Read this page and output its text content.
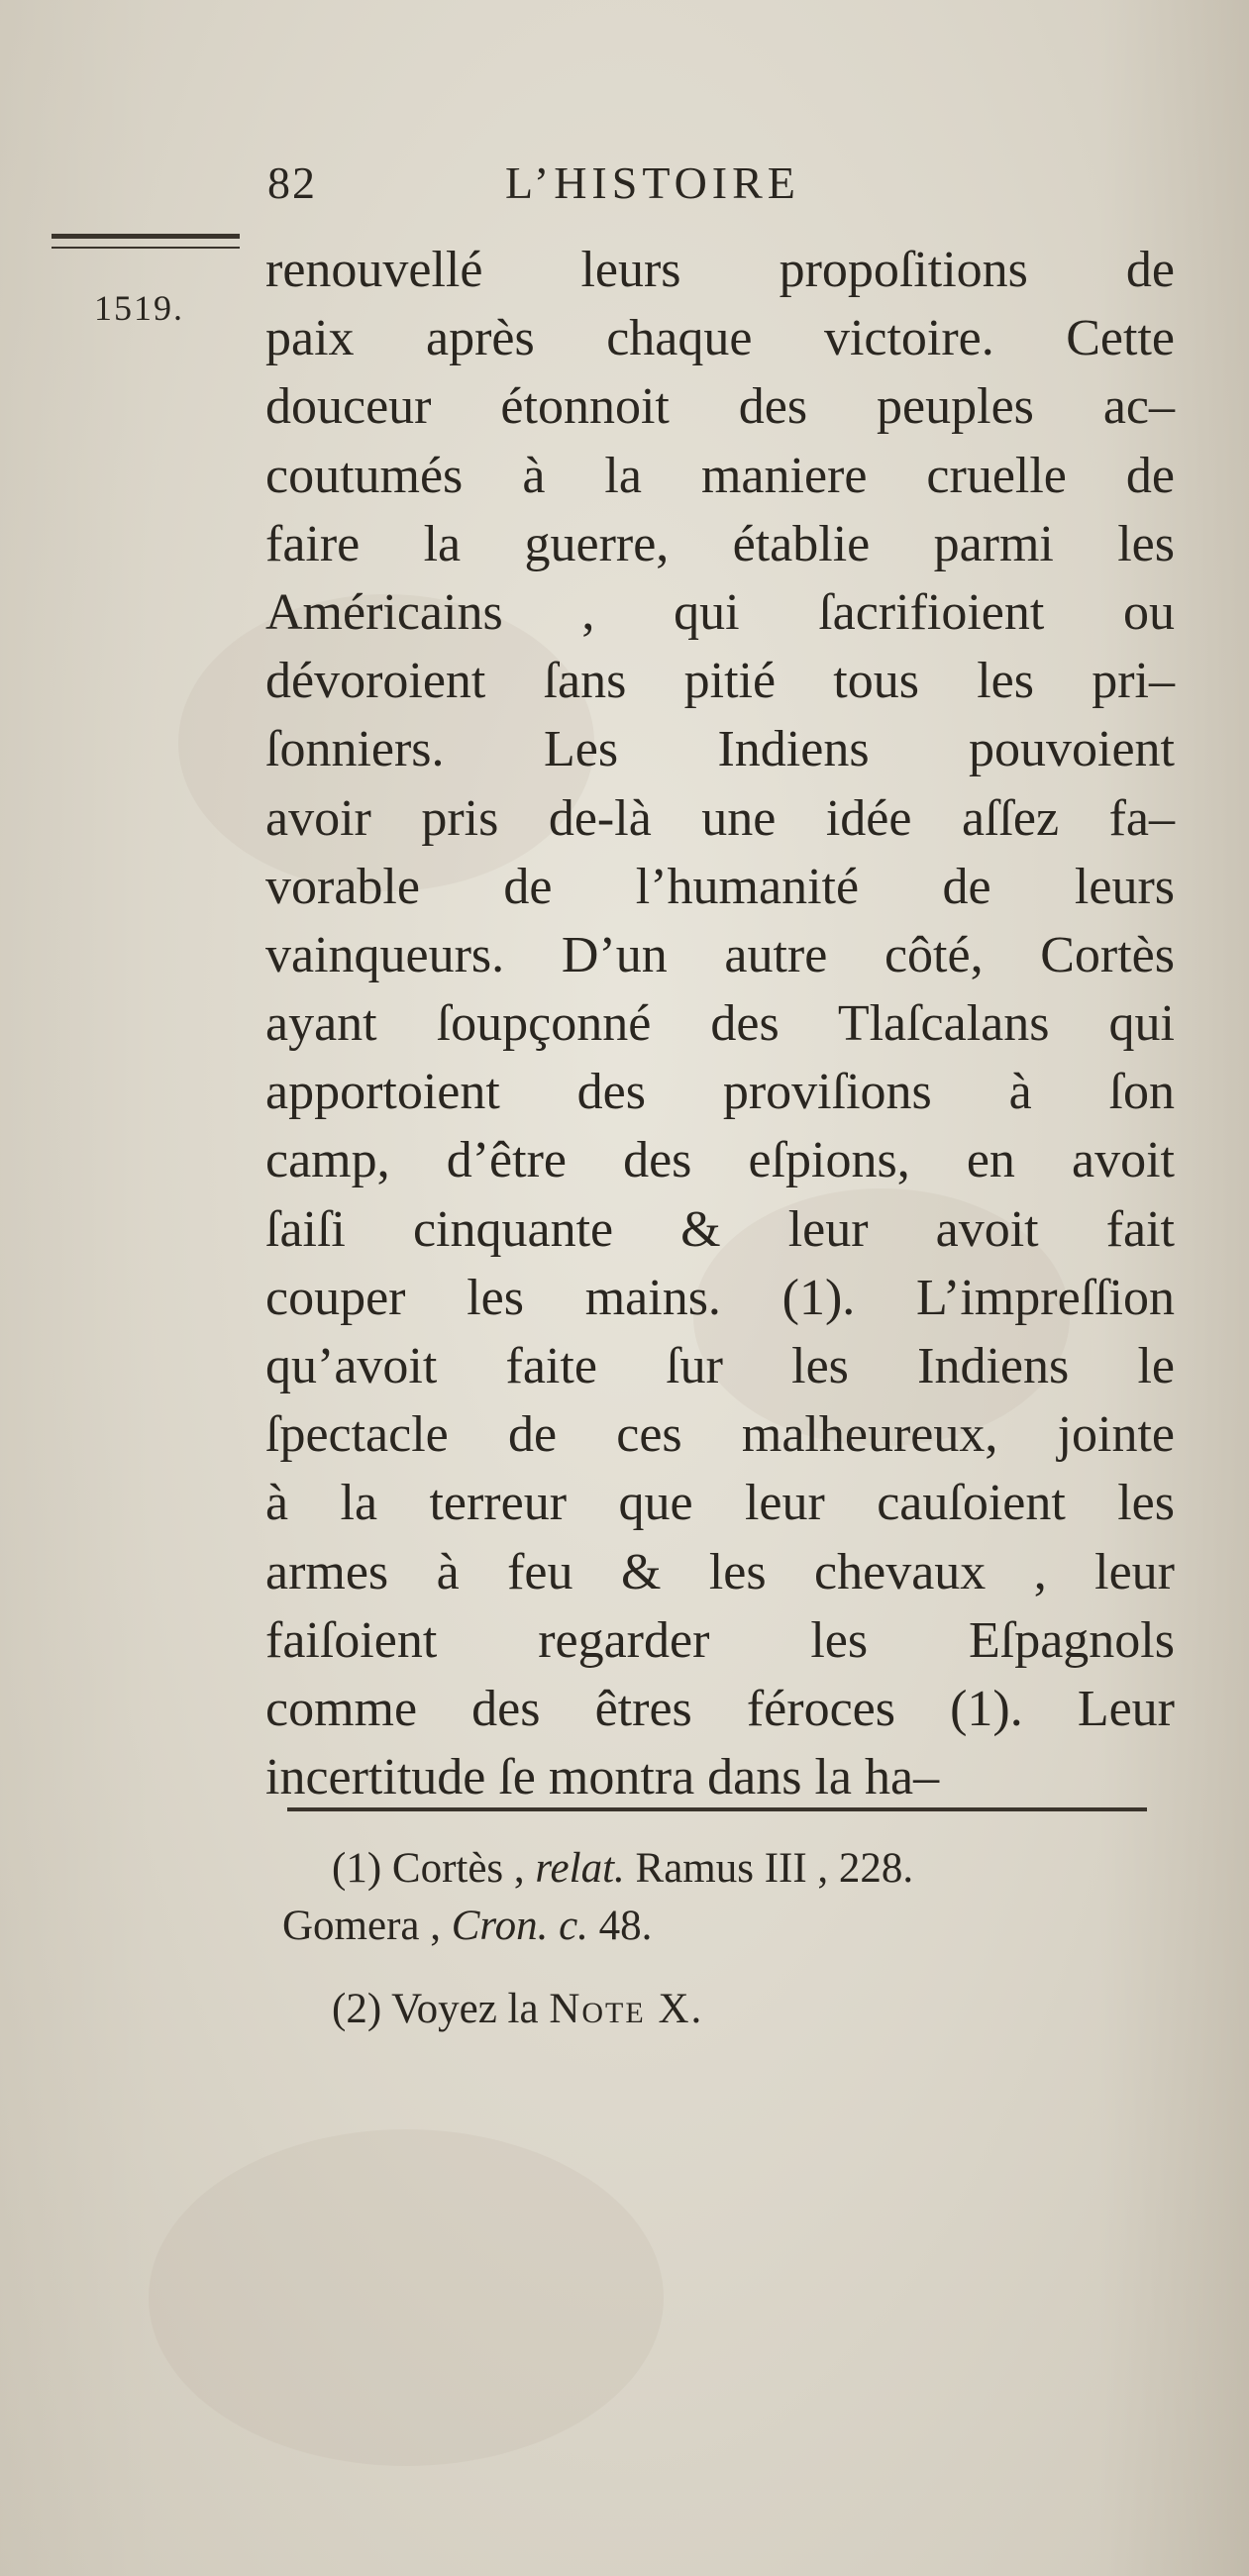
82	L’HISTOIRE
1519.
renouvellé leurs propoſitions de
paix après chaque victoire. Cette
douceur étonnoit des peuples ac–
coutumés à la maniere cruelle de
faire la guerre, établie parmi les
Américains , qui ſacrifioient ou
dévoroient ſans pitié tous les pri–
ſonniers. Les Indiens pouvoient
avoir pris de-là une idée aſſez fa–
vorable de l’humanité de leurs
vainqueurs. D’un autre côté, Cortès
ayant ſoupçonné des Tlaſcalans qui
apportoient des proviſions à ſon
camp, d’être des eſpions, en avoit
ſaiſi cinquante & leur avoit fait
couper les mains. (1). L’impreſſion
qu’avoit faite ſur les Indiens le
ſpectacle de ces malheureux, jointe
à la terreur que leur cauſoient les
armes à feu & les chevaux , leur
faiſoient regarder les Eſpagnols
comme des êtres féroces (1). Leur
incertitude ſe montra dans la ha–
(1) Cortès , relat. Ramus III , 228.
Gomera , Cron. c. 48.
(2) Voyez la Note X.
